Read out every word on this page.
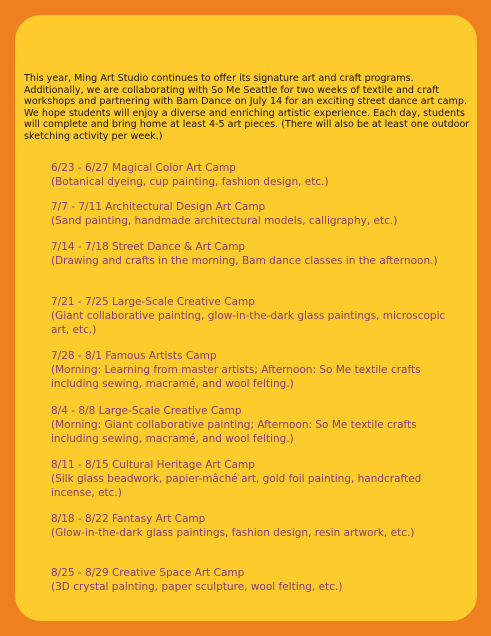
This year, Ming Art Studio continues to offer its signature art and craft programs. Additionally, we are collaborating with So Me Seattle for two weeks of textile and craft workshops and partnering with Bam Dance on July 14 for an exciting street dance art camp. We hope students will enjoy a diverse and enriching artistic experience. Each day, students will complete and bring home at least 4-5 art pieces. (There will also be at least one outdoor sketching activity per week.)

6/23 - 6/27 Magical Color Art Camp
(Botanical dyeing, cup painting, fashion design, etc.)
7/7 - 7/11 Architectural Design Art Camp
(Sand painting, handmade architectural models, calligraphy, etc.)
7/14 - 7/18 Street Dance & Art Camp
(Drawing and crafts in the morning, Bam dance classes in the afternoon.)
7/21 - 7/25 Large-Scale Creative Camp
(Giant collaborative painting, glow-in-the-dark glass paintings, microscopic art, etc.)
7/28 - 8/1 Famous Artists Camp
(Morning: Learning from master artists; Afternoon: So Me textile crafts including sewing, macramé, and wool felting.)
8/4 - 8/8 Large-Scale Creative Camp
(Morning: Giant collaborative painting; Afternoon: So Me textile crafts including sewing, macramé, and wool felting.)
8/11 - 8/15 Cultural Heritage Art Camp
(Silk glass beadwork, papier-mâché art, gold foil painting, handcrafted incense, etc.)
8/18 - 8/22 Fantasy Art Camp
(Glow-in-the-dark glass paintings, fashion design, resin artwork, etc.)
8/25 - 8/29 Creative Space Art Camp
(3D crystal painting, paper sculpture, wool felting, etc.)
